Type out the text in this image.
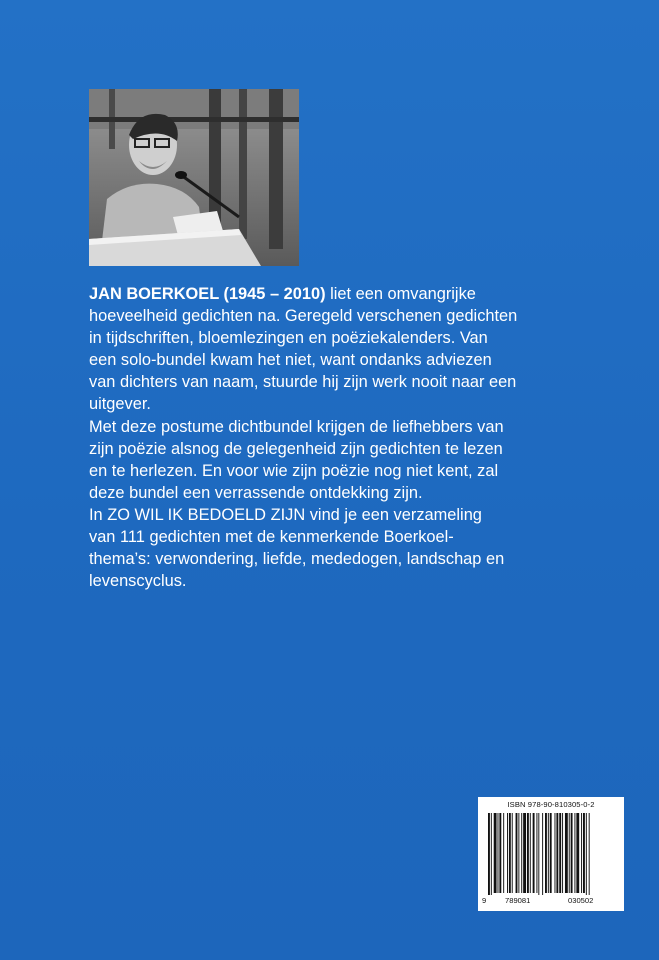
JAN BOERKOEL (1945 – 2010) liet een omvangrijke
hoeveelheid gedichten na. Geregeld verschenen gedichten
in tijdschriften, bloemlezingen en poëziekalenders. Van
een solo-bundel kwam het niet, want ondanks adviezen
van dichters van naam, stuurde hij zijn werk nooit naar een
uitgever.

Met deze postume dichtbundel krijgen de liefhebbers van
zijn poëzie alsnog de gelegenheid zijn gedichten te lezen
en te herlezen. En voor wie zijn poëzie nog niet kent, zal
deze bundel een verrassende ontdekking zijn.

In ZO WIL IK BEDOELD ZIJN vind je een verzameling
van 111 gedichten met de kenmerkende Boerkoel-
thema’s: verwondering, liefde, mededogen, landschap en
levenscyclus.

ISBN 978-90-810305-0-2
9 789081	030502
